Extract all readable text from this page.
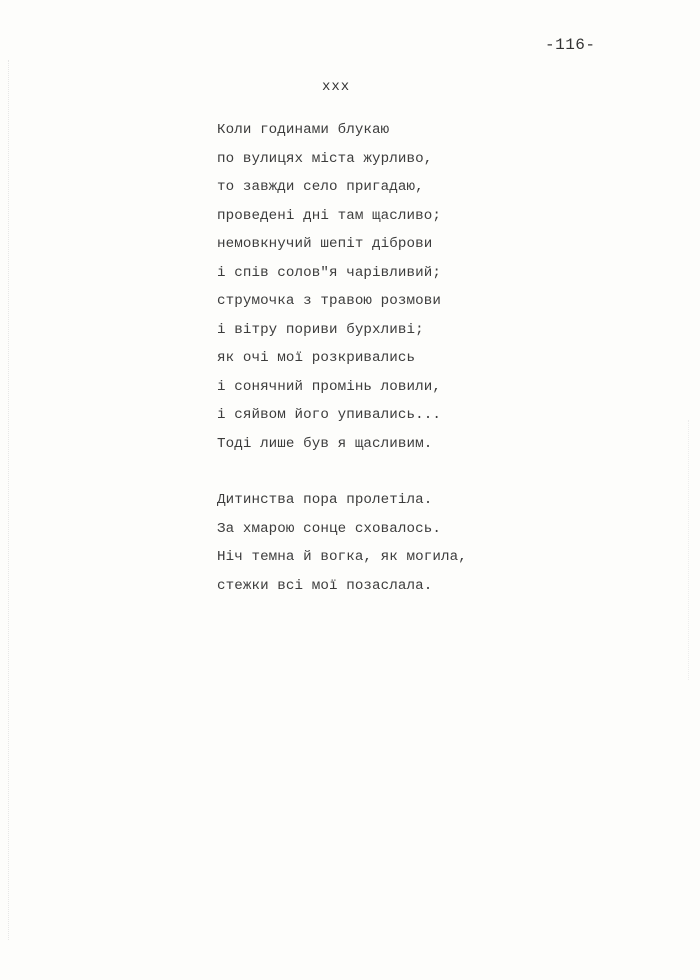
-116-
xxx
Коли годинами блукаю
по вулицях міста журливо,
то завжди село пригадаю,
проведені дні там щасливо;
немовкнучий шепіт діброви
і спів солов"я чарівливий;
струмочка з травою розмови
і вітру пориви бурхливі;
як очі мої розкривались
і сонячний промінь ловили,
і сяйвом його упивались...
Тоді лише був я щасливим.
Дитинства пора пролетіла.
За хмарою сонце сховалось.
Ніч темна й вогка, як могила,
стежки всі мої позаслала.
